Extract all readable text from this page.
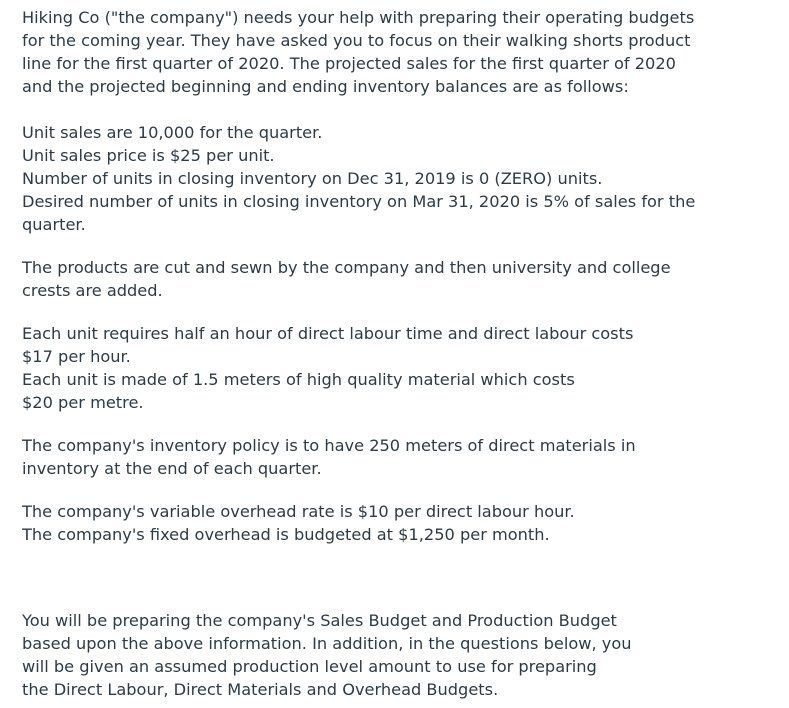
Hiking Co ("the company") needs your help with preparing their operating budgets
for the coming year. They have asked you to focus on their walking shorts product
line for the first quarter of 2020. The projected sales for the first quarter of 2020
and the projected beginning and ending inventory balances are as follows:

Unit sales are 10,000 for the quarter.
Unit sales price is $25 per unit.
Number of units in closing inventory on Dec 31, 2019 is 0 (ZERO) units.
Desired number of units in closing inventory on Mar 31, 2020 is 5% of sales for the
quarter.

The products are cut and sewn by the company and then university and college
crests are added.

Each unit requires half an hour of direct labour time and direct labour costs
$17 per hour.
Each unit is made of 1.5 meters of high quality material which costs
$20 per metre.

The company's inventory policy is to have 250 meters of direct materials in
inventory at the end of each quarter.

The company's variable overhead rate is $10 per direct labour hour.
The company's fixed overhead is budgeted at $1,250 per month.

You will be preparing the company's Sales Budget and Production Budget
based upon the above information. In addition, in the questions below, you
will be given an assumed production level amount to use for preparing
the Direct Labour, Direct Materials and Overhead Budgets.
